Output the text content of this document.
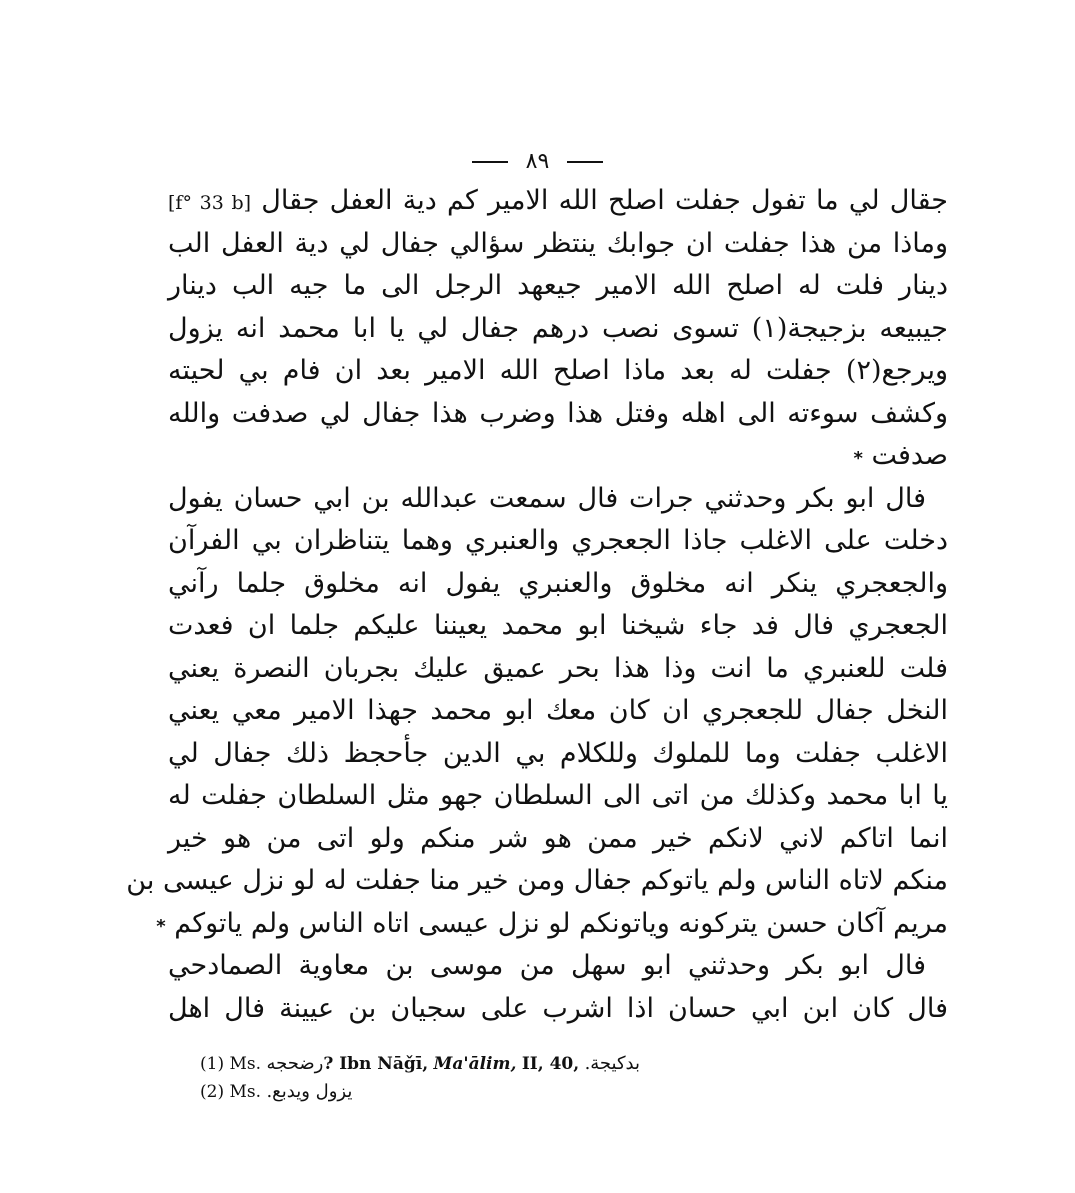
٨٩
[f° 33 b] جقال لي ما تفول جفلت اصلح الله الامير كم دية العفل جقال
وماذا من هذا جفلت ان جوابك ينتظر سؤالي جفال لي دية العفل الب
دينار فلت له اصلح الله الامير جيعهد الرجل الى ما جيه الب دينار
جيبيعه بزجيجة(١) تسوى نصب درهم جفال لي يا ابا محمد انه يزول
ويرجع(٢) جفلت له بعد ماذا اصلح الله الامير بعد ان فام بي لحيته
وكشف سوءته الى اهله وفتل هذا وضرب هذا جفال لي صدفت والله
صدفت *
فال ابو بكر وحدثني جرات فال سمعت عبدالله بن ابي حسان يفول
دخلت على الاغلب جاذا الجعجري والعنبري وهما يتناظران بي الفرآن
والجعجري ينكر انه مخلوق والعنبري يفول انه مخلوق جلما رآني
الجعجري فال فد جاء شيخنا ابو محمد يعيننا عليكم جلما ان فعدت
فلت للعنبري ما انت وذا هذا بحر عميق عليك بجربان النصرة يعني
النخل جفال للجعجري ان كان معك ابو محمد جهذا الامير معي يعني
الاغلب جفلت وما للملوك وللكلام بي الدين جأحجظ ذلك جفال لي
يا ابا محمد وكذلك من اتى الى السلطان جهو مثل السلطان جفلت له
انما اتاكم لاني لانكم خير ممن هو شر منكم ولو اتى من هو خير
منكم لاتاه الناس ولم ياتوكم جفال ومن خير منا جفلت له لو نزل عيسى بن
مريم آكان حسن يتركونه وياتونكم لو نزل عيسى اتاه الناس ولم ياتوكم *
فال ابو بكر وحدثني ابو سهل من موسى بن معاوية الصمادحي
فال كان ابن ابي حسان اذا اشرب على سجيان بن عيينة فال اهل
(1) Ms. رضحجه? Ibn Nāǧī, Ma'ālim, II, 40, بدكيجة.
(2) Ms. يزول ويدبع.
